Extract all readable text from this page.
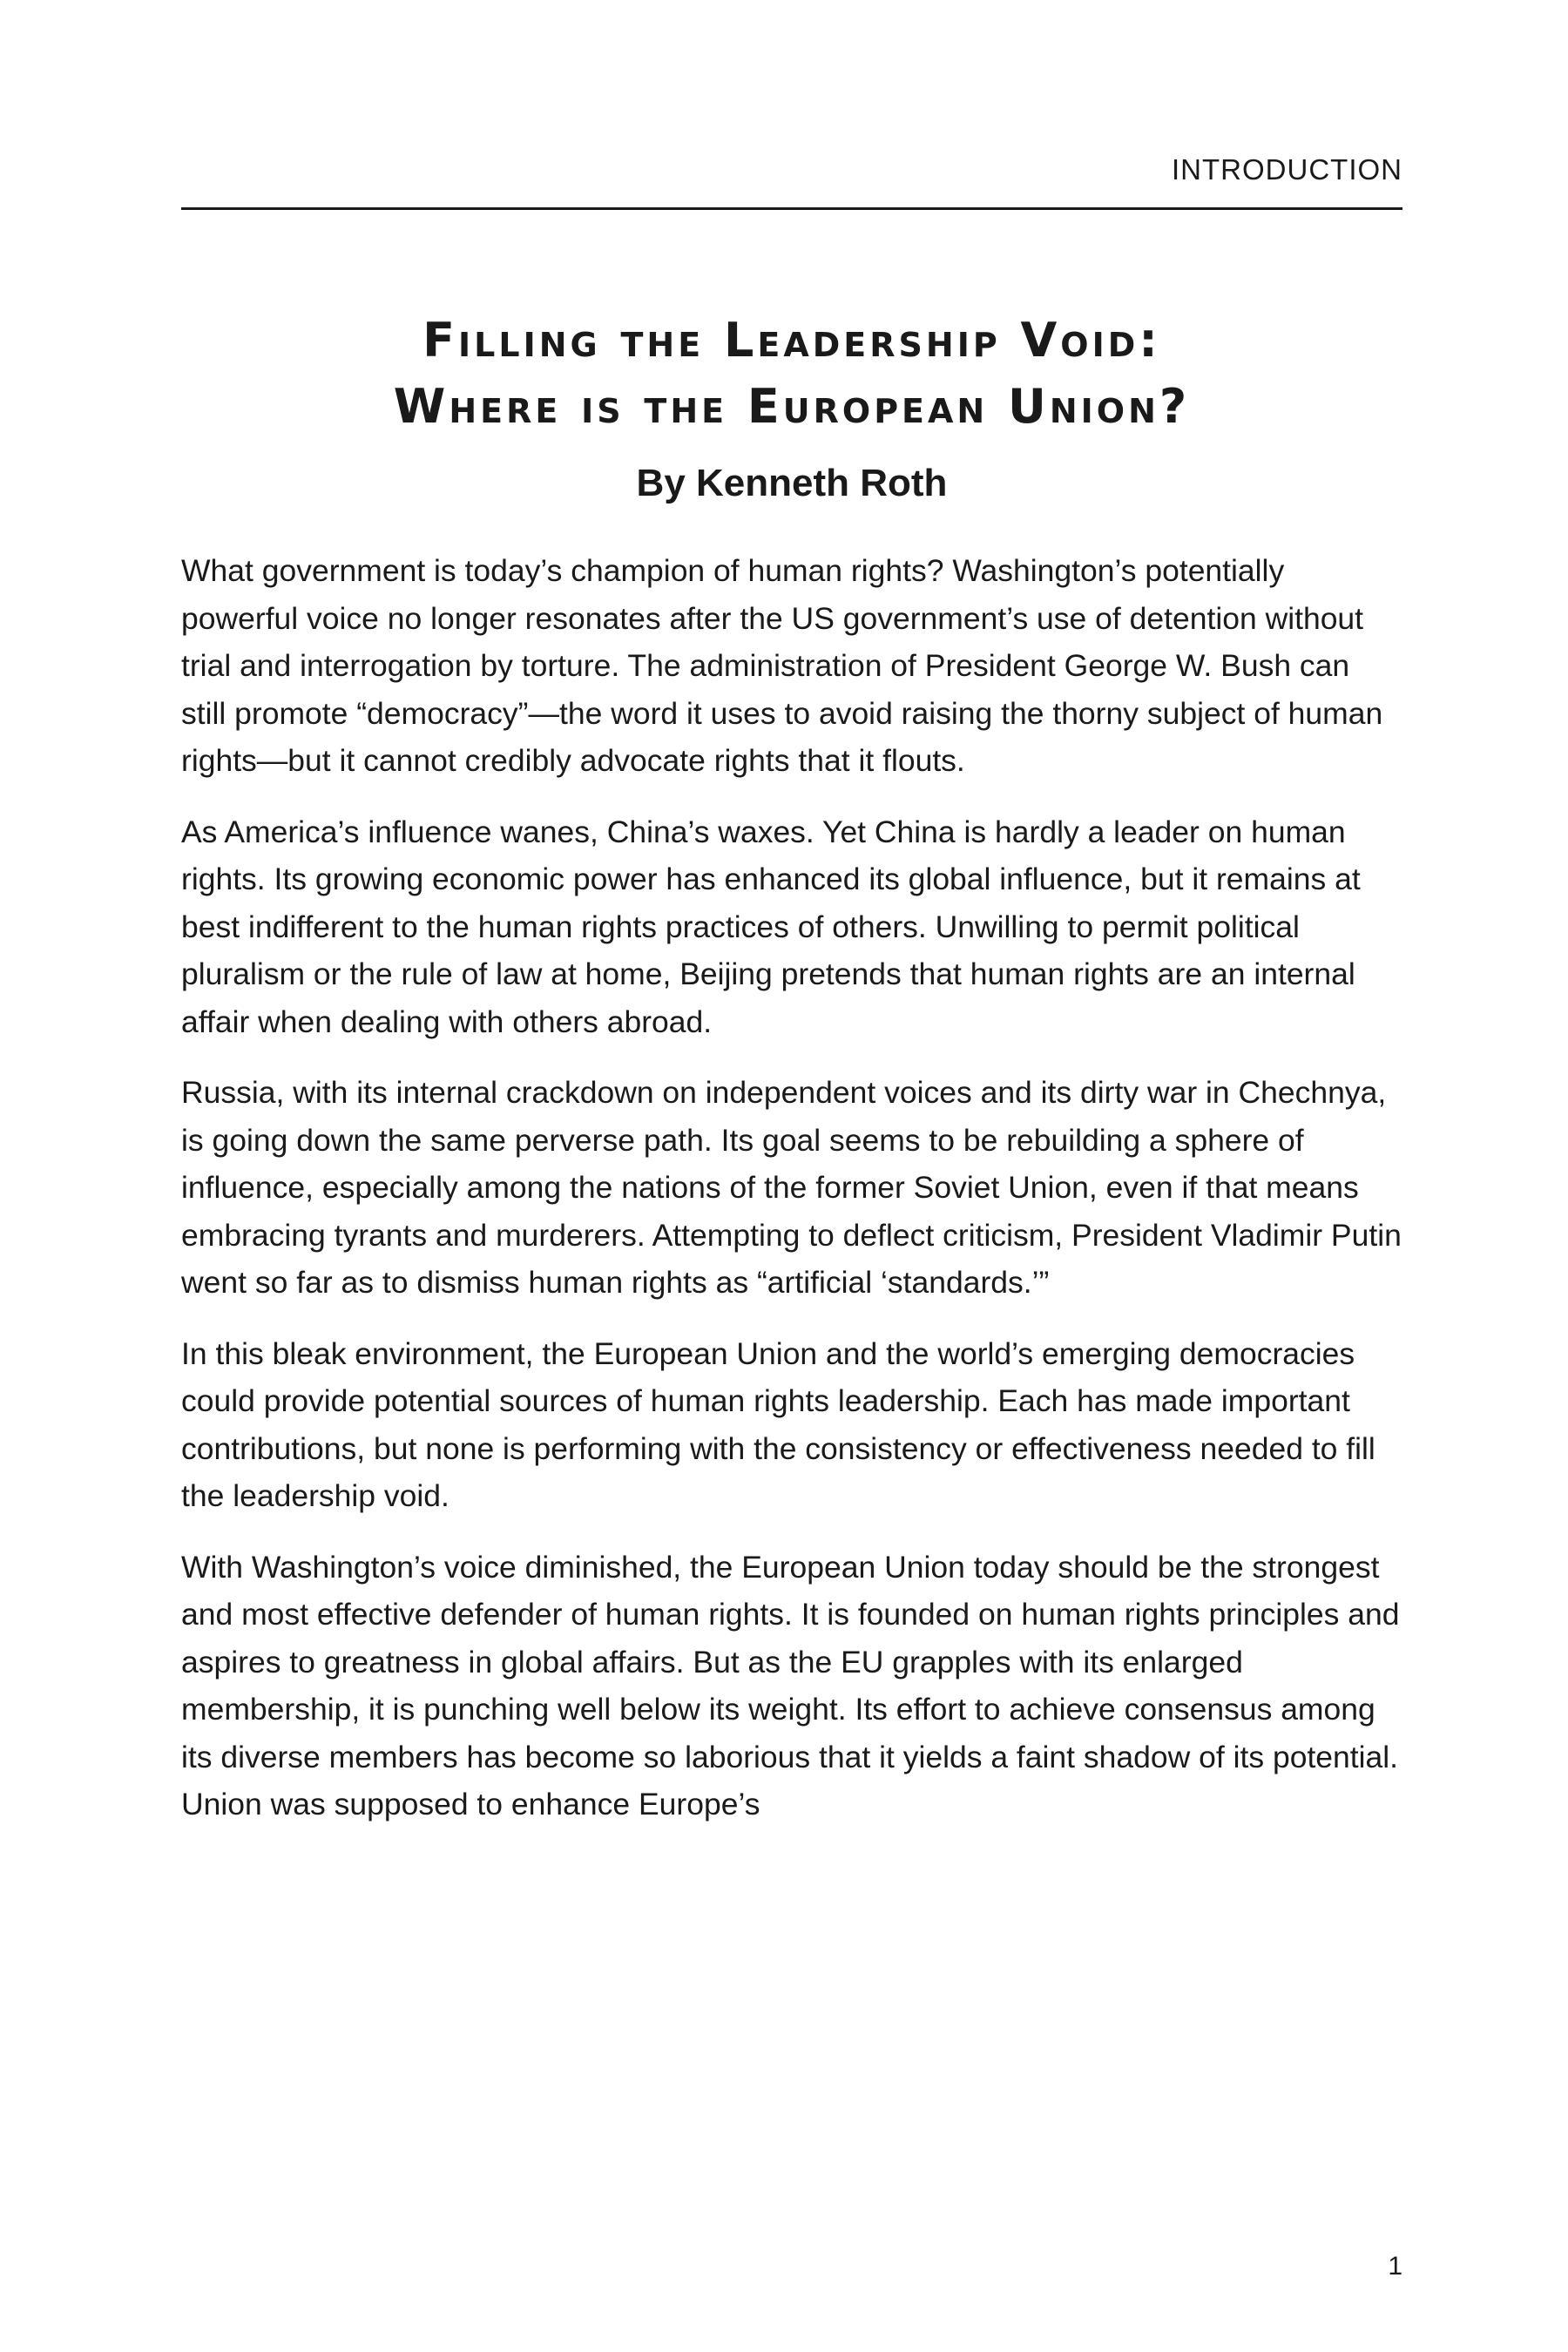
INTRODUCTION
Filling the Leadership Void:
Where is the European Union?
By Kenneth Roth

What government is today’s champion of human rights? Washington’s potentially powerful voice no longer resonates after the US government’s use of detention without trial and interrogation by torture. The administration of President George W. Bush can still promote “democracy”—the word it uses to avoid raising the thorny subject of human rights—but it cannot credibly advocate rights that it flouts.

As America’s influence wanes, China’s waxes. Yet China is hardly a leader on human rights. Its growing economic power has enhanced its global influence, but it remains at best indifferent to the human rights practices of others. Unwilling to permit political pluralism or the rule of law at home, Beijing pretends that human rights are an internal affair when dealing with others abroad.

Russia, with its internal crackdown on independent voices and its dirty war in Chechnya, is going down the same perverse path. Its goal seems to be rebuilding a sphere of influence, especially among the nations of the former Soviet Union, even if that means embracing tyrants and murderers. Attempting to deflect criticism, President Vladimir Putin went so far as to dismiss human rights as “artificial ‘standards.’”

In this bleak environment, the European Union and the world’s emerging democracies could provide potential sources of human rights leadership. Each has made important contributions, but none is performing with the consistency or effectiveness needed to fill the leadership void.

With Washington’s voice diminished, the European Union today should be the strongest and most effective defender of human rights. It is founded on human rights principles and aspires to greatness in global affairs. But as the EU grapples with its enlarged membership, it is punching well below its weight. Its effort to achieve consensus among its diverse members has become so laborious that it yields a faint shadow of its potential. Union was supposed to enhance Europe’s

1
